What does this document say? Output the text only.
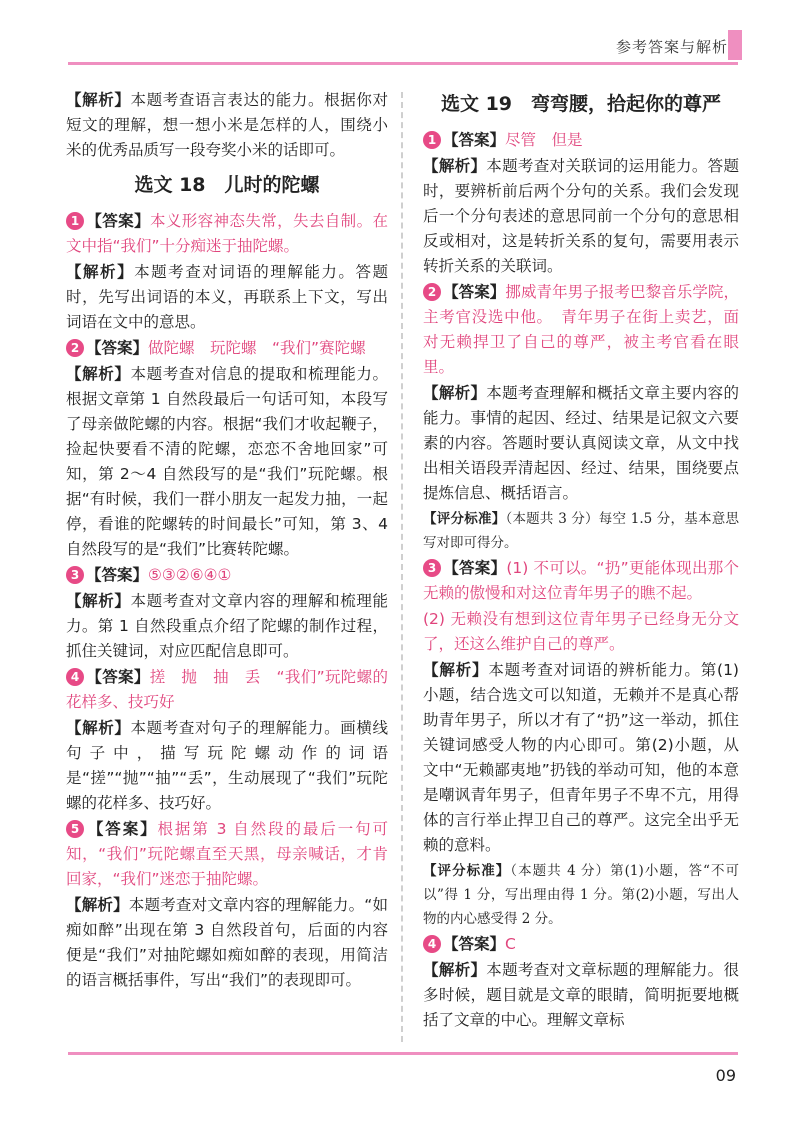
参考答案与解析

【解析】本题考查语言表达的能力。根据你对短文的理解，想一想小米是怎样的人，围绕小米的优秀品质写一段夸奖小米的话即可。

选文 18　儿时的陀螺

1 【答案】本义形容神态失常，失去自制。在文中指“我们”十分痴迷于抽陀螺。

【解析】本题考查对词语的理解能力。答题时，先写出词语的本义，再联系上下文，写出词语在文中的意思。

2 【答案】做陀螺　玩陀螺　“我们”赛陀螺

【解析】本题考查对信息的提取和梳理能力。根据文章第 1 自然段最后一句话可知，本段写了母亲做陀螺的内容。根据“我们才收起鞭子，捡起快要看不清的陀螺，恋恋不舍地回家”可知，第 2～4 自然段写的是“我们”玩陀螺。根据“有时候，我们一群小朋友一起发力抽，一起停，看谁的陀螺转的时间最长”可知，第 3、4 自然段写的是“我们”比赛转陀螺。

3 【答案】⑤③②⑥④①

【解析】本题考查对文章内容的理解和梳理能力。第 1 自然段重点介绍了陀螺的制作过程，抓住关键词，对应匹配信息即可。

4 【答案】搓　抛　抽　丢　“我们”玩陀螺的花样多、技巧好

【解析】本题考查对句子的理解能力。画横线句子中，描写玩陀螺动作的词语是“搓”“抛”“抽”“丢”，生动展现了“我们”玩陀螺的花样多、技巧好。

5 【答案】根据第 3 自然段的最后一句可知，“我们”玩陀螺直至天黑，母亲喊话，才肯回家，“我们”迷恋于抽陀螺。

【解析】本题考查对文章内容的理解能力。“如痴如醉”出现在第 3 自然段首句，后面的内容便是“我们”对抽陀螺如痴如醉的表现，用简洁的语言概括事件，写出“我们”的表现即可。

选文 19　弯弯腰，拾起你的尊严

1 【答案】尽管　但是

【解析】本题考查对关联词的运用能力。答题时，要辨析前后两个分句的关系。我们会发现后一个分句表述的意思同前一个分句的意思相反或相对，这是转折关系的复句，需要用表示转折关系的关联词。

2 【答案】挪威青年男子报考巴黎音乐学院，主考官没选中他。　青年男子在街上卖艺，面对无赖捍卫了自己的尊严，被主考官看在眼里。

【解析】本题考查理解和概括文章主要内容的能力。事情的起因、经过、结果是记叙文六要素的内容。答题时要认真阅读文章，从文中找出相关语段弄清起因、经过、结果，围绕要点提炼信息、概括语言。

【评分标准】（本题共 3 分）每空 1.5 分，基本意思写对即可得分。

3 【答案】(1) 不可以。“扔”更能体现出那个无赖的傲慢和对这位青年男子的瞧不起。

(2) 无赖没有想到这位青年男子已经身无分文了，还这么维护自己的尊严。

【解析】本题考查对词语的辨析能力。第(1)小题，结合选文可以知道，无赖并不是真心帮助青年男子，所以才有了“扔”这一举动，抓住关键词感受人物的内心即可。第(2)小题，从文中“无赖鄙夷地”扔钱的举动可知，他的本意是嘲讽青年男子，但青年男子不卑不亢，用得体的言行举止捍卫自己的尊严。这完全出乎无赖的意料。

【评分标准】（本题共 4 分）第(1)小题，答“不可以”得 1 分，写出理由得 1 分。第(2)小题，写出人物的内心感受得 2 分。

4 【答案】C

【解析】本题考查对文章标题的理解能力。很多时候，题目就是文章的眼睛，简明扼要地概括了文章的中心。理解文章标

09
